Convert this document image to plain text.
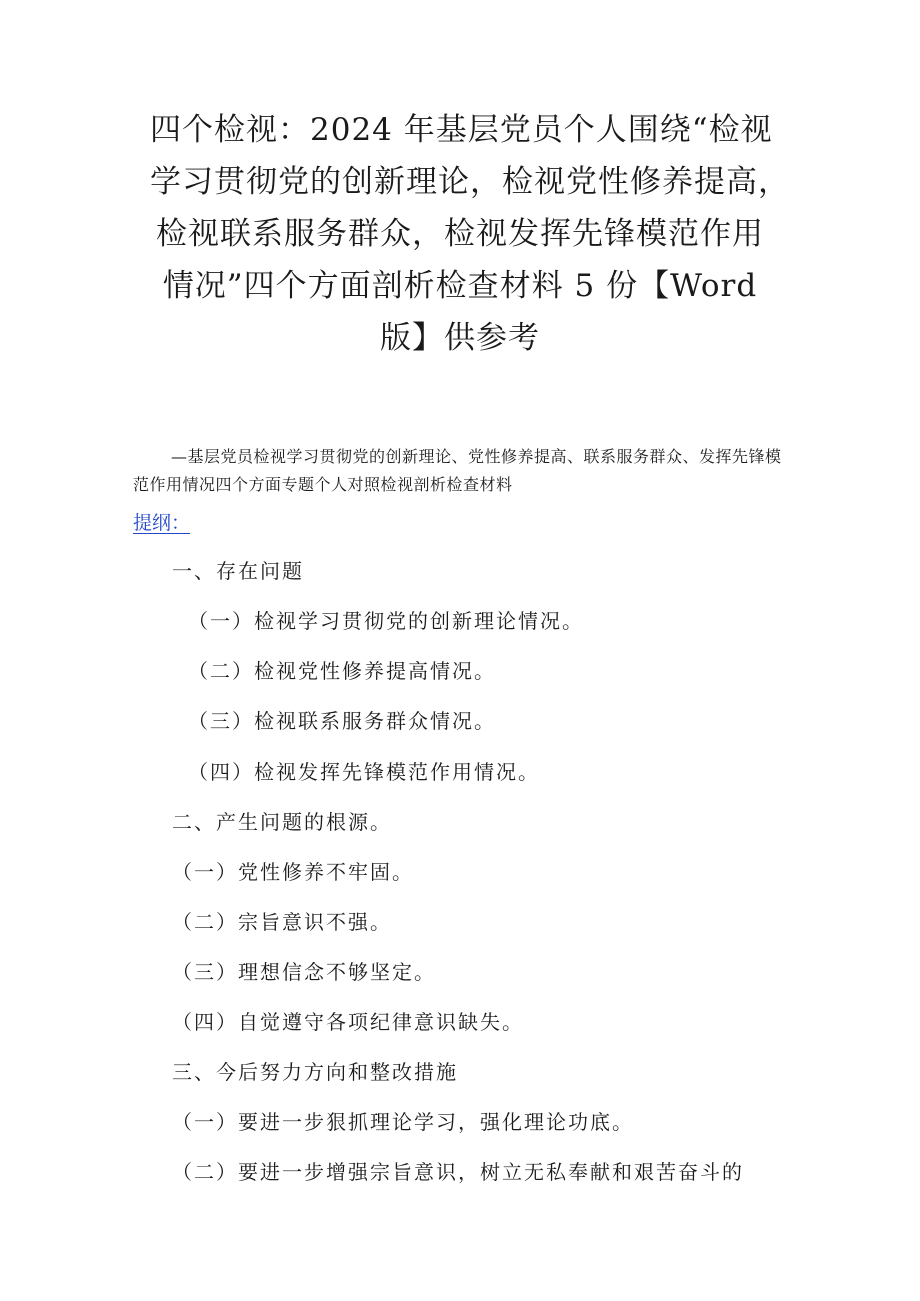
四个检视：2024 年基层党员个人围绕“检视
学习贯彻党的创新理论，检视党性修养提高，
检视联系服务群众，检视发挥先锋模范作用
情况”四个方面剖析检查材料 5 份【Word
版】供参考
—基层党员检视学习贯彻党的创新理论、党性修养提高、联系服务群众、发挥先锋模范作用情况四个方面专题个人对照检视剖析检查材料
提纲：
一、存在问题
（一）检视学习贯彻党的创新理论情况。
（二）检视党性修养提高情况。
（三）检视联系服务群众情况。
（四）检视发挥先锋模范作用情况。
二、产生问题的根源。
（一）党性修养不牢固。
（二）宗旨意识不强。
（三）理想信念不够坚定。
（四）自觉遵守各项纪律意识缺失。
三、今后努力方向和整改措施
（一）要进一步狠抓理论学习，强化理论功底。
（二）要进一步增强宗旨意识，树立无私奉献和艰苦奋斗的
